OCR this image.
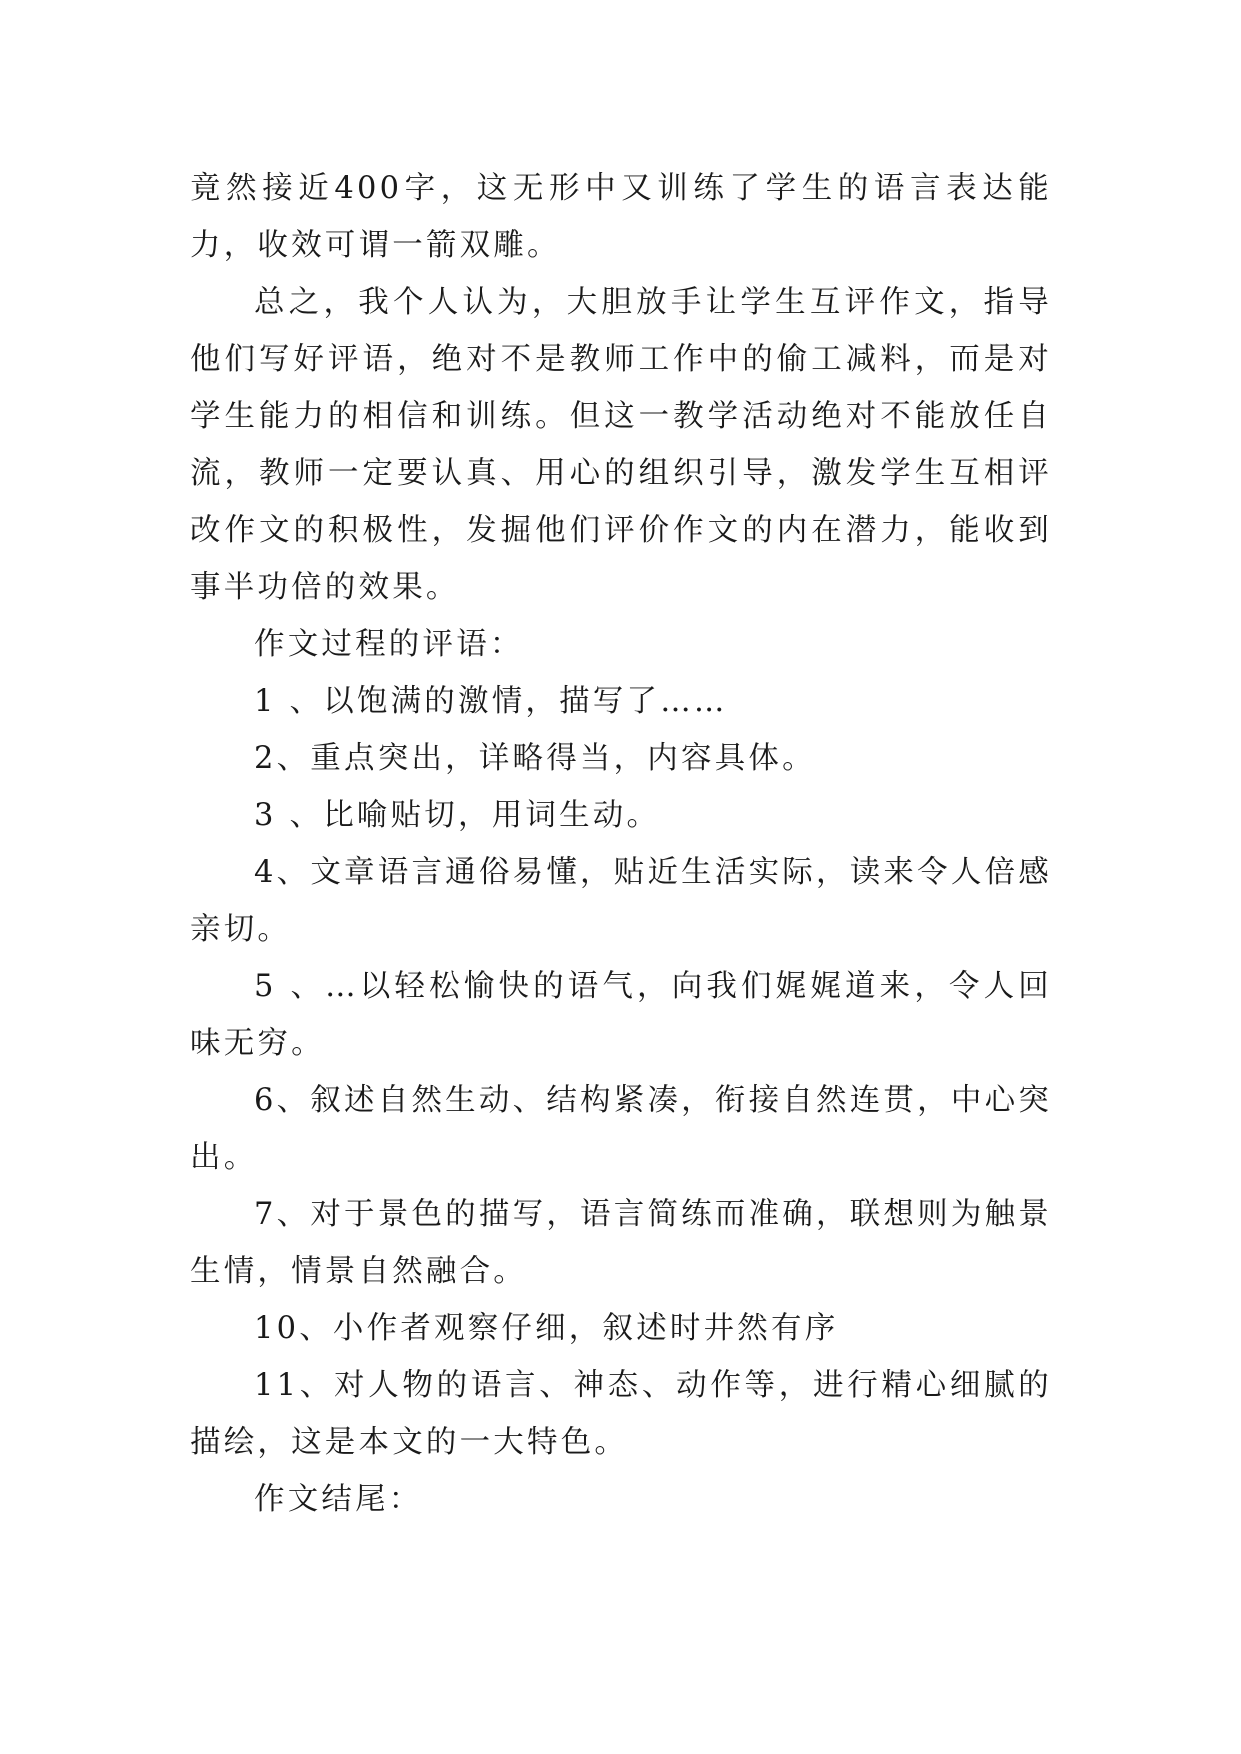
竟然接近400字，这无形中又训练了学生的语言表达能力，收效可谓一箭双雕。

总之，我个人认为，大胆放手让学生互评作文，指导他们写好评语，绝对不是教师工作中的偷工减料，而是对学生能力的相信和训练。但这一教学活动绝对不能放任自流，教师一定要认真、用心的组织引导，激发学生互相评改作文的积极性，发掘他们评价作文的内在潜力，能收到事半功倍的效果。

作文过程的评语：

1 、以饱满的激情，描写了……

2、重点突出，详略得当，内容具体。

3 、比喻贴切，用词生动。

4、文章语言通俗易懂，贴近生活实际，读来令人倍感亲切。

5 、…以轻松愉快的语气，向我们娓娓道来，令人回味无穷。

6、叙述自然生动、结构紧凑，衔接自然连贯，中心突出。

7、对于景色的描写，语言简练而准确，联想则为触景生情，情景自然融合。

10、小作者观察仔细，叙述时井然有序

11、对人物的语言、神态、动作等，进行精心细腻的描绘，这是本文的一大特色。

作文结尾：
